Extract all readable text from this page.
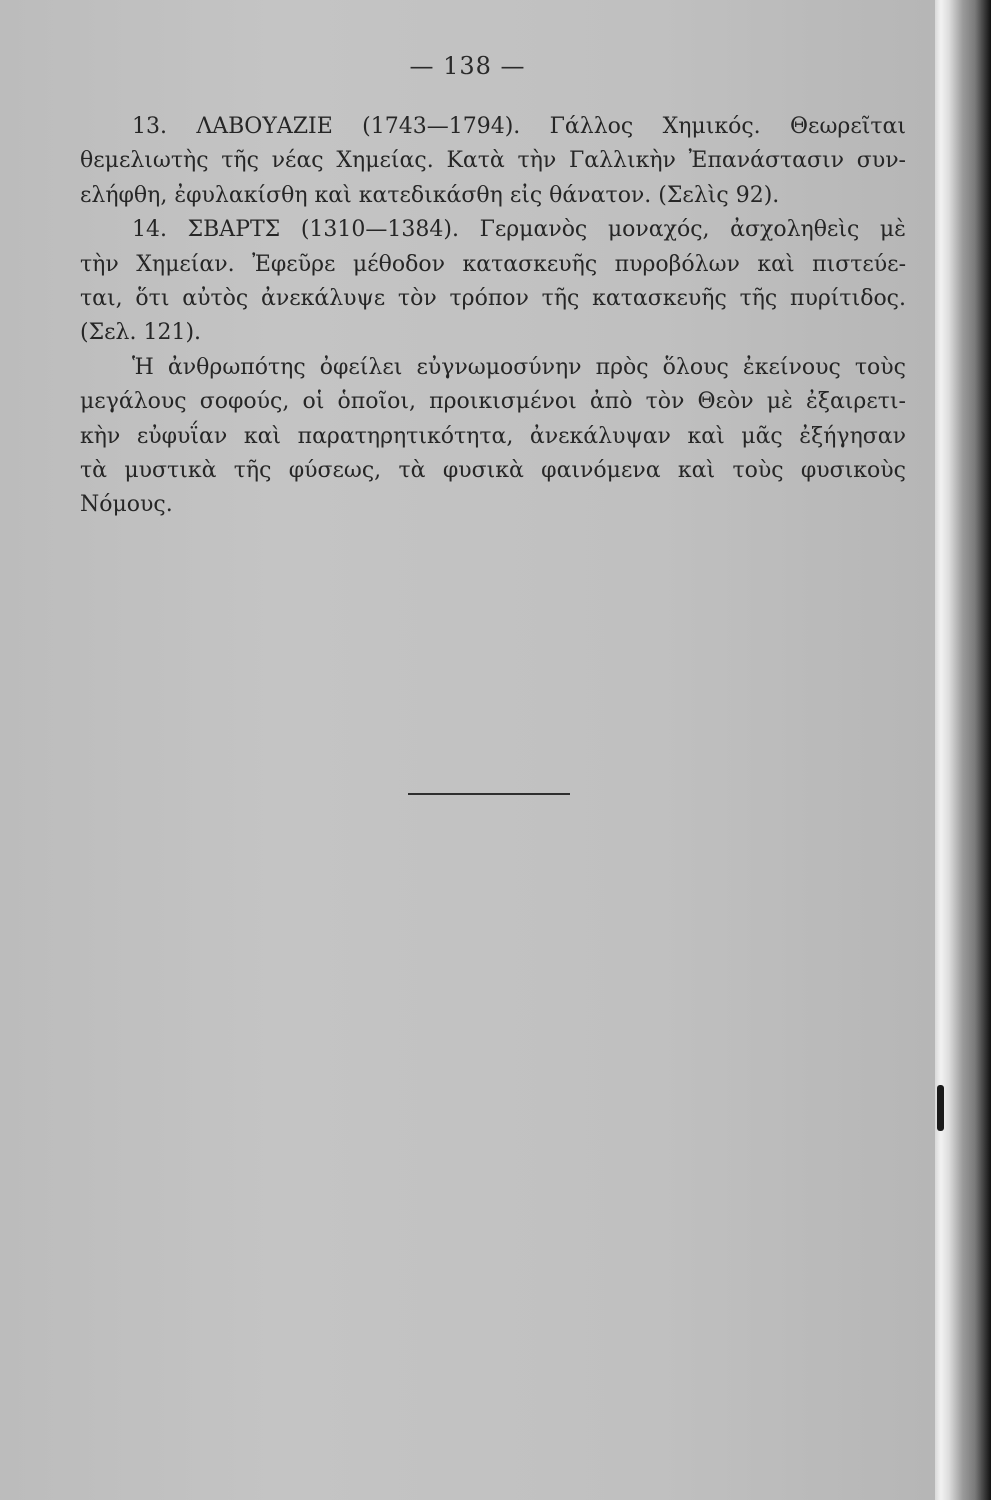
— 138 —
13. ΛΑΒΟΥΑΖΙΕ (1743—1794). Γάλλος Χημικός. Θεωρεῖται
θεμελιωτὴς τῆς νέας Χημείας. Κατὰ τὴν Γαλλικὴν Ἐπανάστασιν συν-
ελήφθη, ἐφυλακίσθη καὶ κατεδικάσθη εἰς θάνατον. (Σελὶς 92).
14. ΣΒΑΡΤΣ (1310—1384). Γερμανὸς μοναχός, ἀσχοληθεὶς μὲ
τὴν Χημείαν. Ἐφεῦρε μέθοδον κατασκευῆς πυροβόλων καὶ πιστεύε-
ται, ὅτι αὐτὸς ἀνεκάλυψε τὸν τρόπον τῆς κατασκευῆς τῆς πυρίτιδος.
(Σελ. 121).
Ἡ ἀνθρωπότης ὀφείλει εὐγνωμοσύνην πρὸς ὅλους ἐκείνους τοὺς
μεγάλους σοφούς, οἱ ὁποῖοι, προικισμένοι ἀπὸ τὸν Θεὸν μὲ ἐξαιρετι-
κὴν εὐφυΐαν καὶ παρατηρητικότητα, ἀνεκάλυψαν καὶ μᾶς ἐξήγησαν
τὰ μυστικὰ τῆς φύσεως, τὰ φυσικὰ φαινόμενα καὶ τοὺς φυσικοὺς
Νόμους.
